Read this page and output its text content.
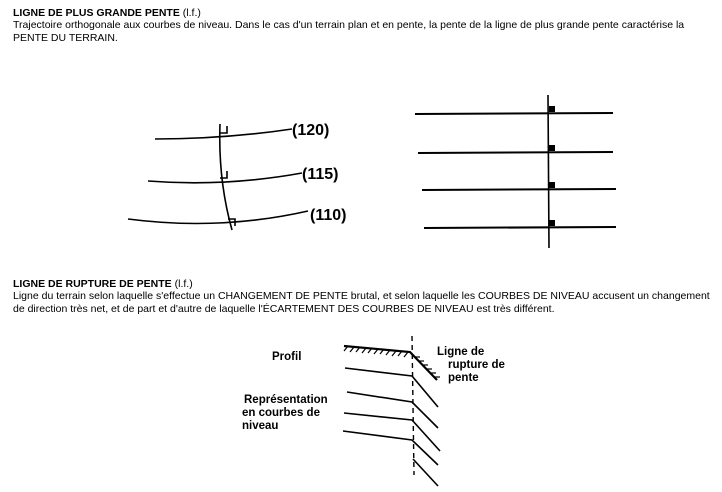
LIGNE DE PLUS GRANDE PENTE (l.f.)
Trajectoire orthogonale aux courbes de niveau. Dans le cas d'un terrain plan et en pente, la pente de la ligne de plus grande pente caractérise la PENTE DU TERRAIN.
(120)
(115)
(110)
LIGNE DE RUPTURE DE PENTE (l.f.)
Ligne du terrain selon laquelle s'effectue un CHANGEMENT DE PENTE brutal, et selon laquelle les COURBES DE NIVEAU accusent un changement de direction très net, et de part et d'autre de laquelle l'ÉCARTEMENT DES COURBES DE NIVEAU est très différent.
Profil	Ligne de
rupture de
pente
Représentation
en courbes de
niveau
